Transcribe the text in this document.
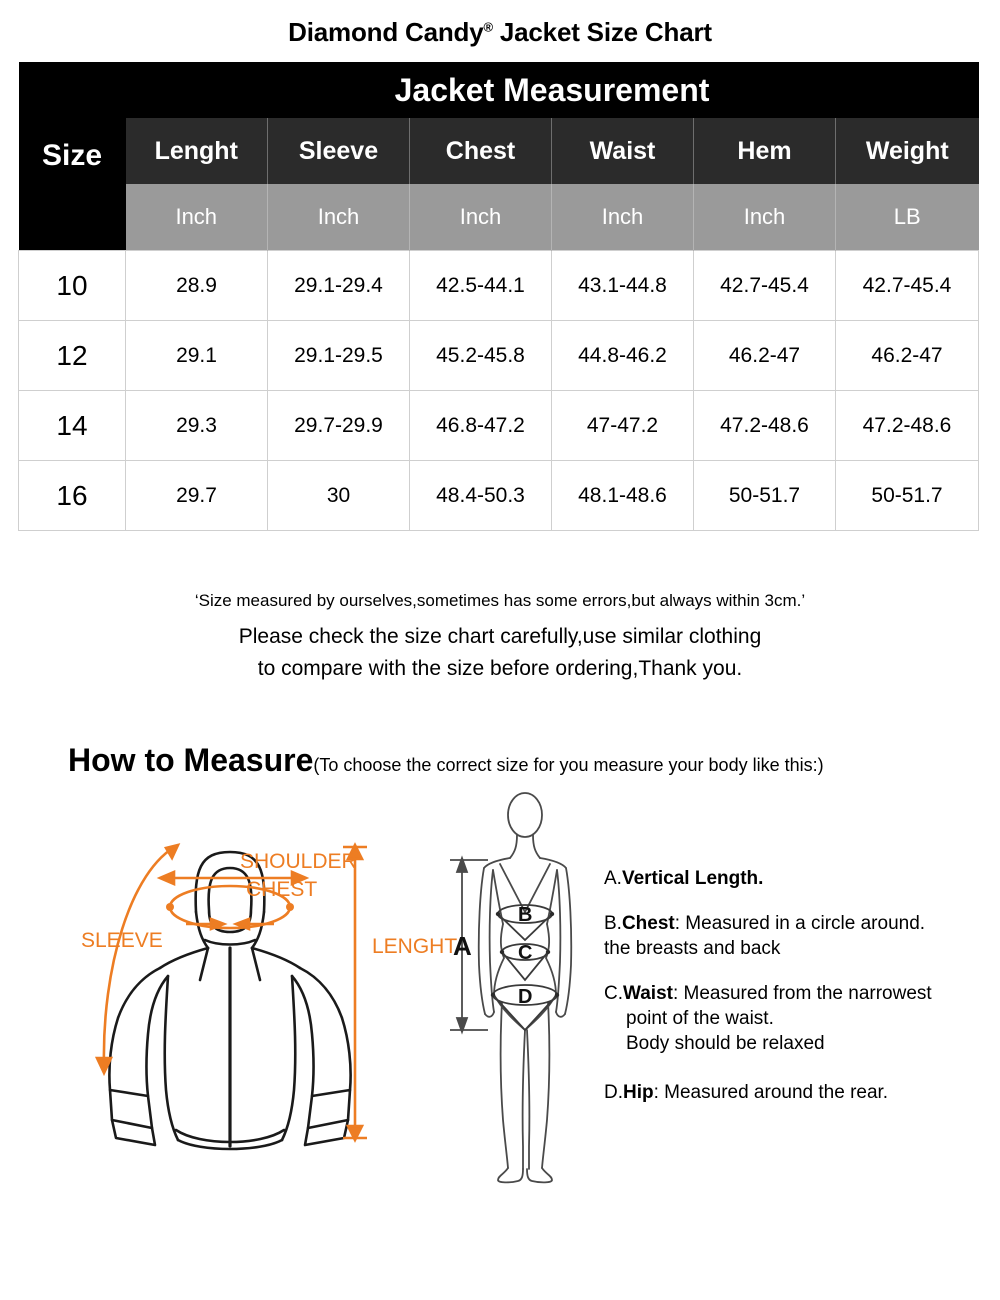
Diamond Candy® Jacket Size Chart
Size	Jacket Measurement					
	Lenght	Sleeve	Chest	Waist	Hem	Weight
	Inch	Inch	Inch	Inch	Inch	LB
10	28.9	29.1-29.4	42.5-44.1	43.1-44.8	42.7-45.4	42.7-45.4
12	29.1	29.1-29.5	45.2-45.8	44.8-46.2	46.2-47	46.2-47
14	29.3	29.7-29.9	46.8-47.2	47-47.2	47.2-48.6	47.2-48.6
16	29.7	30	48.4-50.3	48.1-48.6	50-51.7	50-51.7
‘Size measured by ourselves,sometimes has some errors,but always within 3cm.’
Please check the size chart carefully,use similar clothing
to compare with the size before ordering,Thank you.
How to Measure(To choose the correct size for you measure your body like this:)
SLEEVE
SHOULDER
CHEST
LENGHT
A
B
C
D

A.Vertical Length.

B.Chest: Measured in a circle around.
the breasts and back

C.Waist: Measured from the narrowest
point of the waist.
Body should be relaxed

D.Hip: Measured around the rear.
